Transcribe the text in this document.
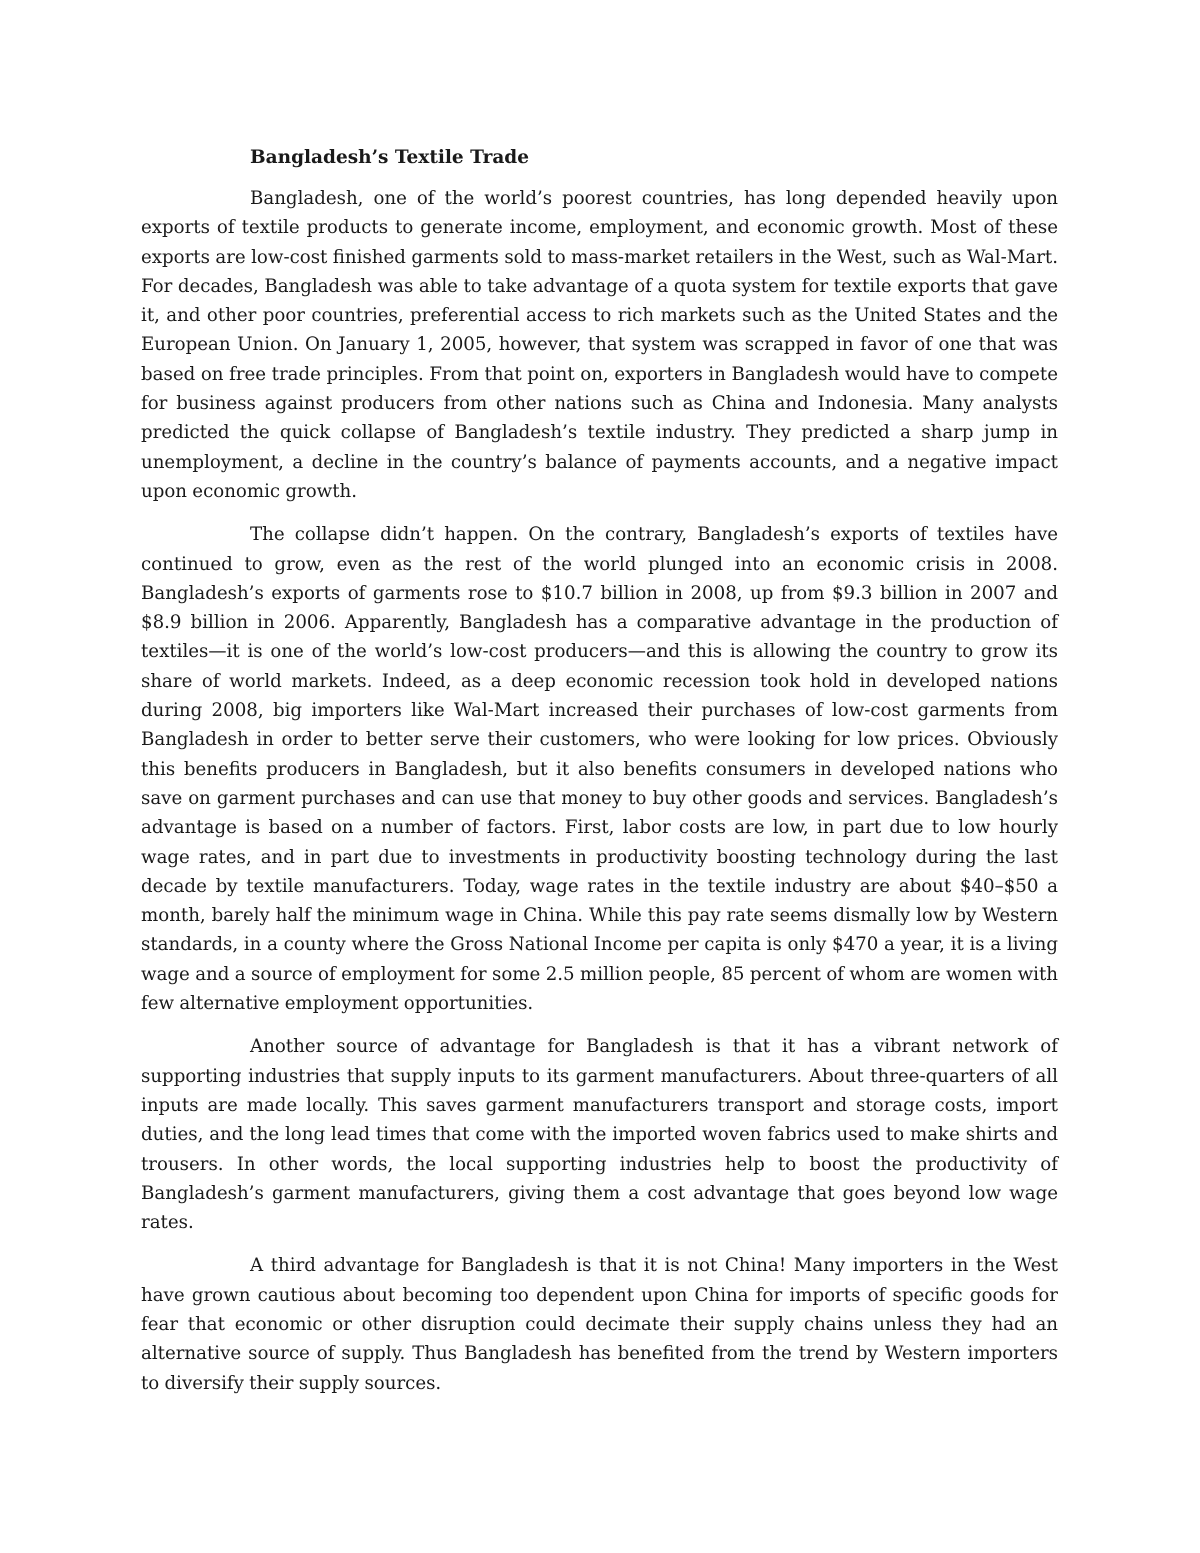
Bangladesh’s Textile Trade

Bangladesh, one of the world’s poorest countries, has long depended heavily upon exports of textile products to generate income, employment, and economic growth. Most of these exports are low-cost finished garments sold to mass-market retailers in the West, such as Wal-Mart. For decades, Bangladesh was able to take advantage of a quota system for textile exports that gave it, and other poor countries, preferential access to rich markets such as the United States and the European Union. On January 1, 2005, however, that system was scrapped in favor of one that was based on free trade principles. From that point on, exporters in Bangladesh would have to compete for business against producers from other nations such as China and Indonesia. Many analysts predicted the quick collapse of Bangladesh’s textile industry. They predicted a sharp jump in unemployment, a decline in the country’s balance of payments accounts, and a negative impact upon economic growth.

The collapse didn’t happen. On the contrary, Bangladesh’s exports of textiles have continued to grow, even as the rest of the world plunged into an economic crisis in 2008. Bangladesh’s exports of garments rose to $10.7 billion in 2008, up from $9.3 billion in 2007 and $8.9 billion in 2006. Apparently, Bangladesh has a comparative advantage in the production of textiles—it is one of the world’s low-cost producers—and this is allowing the country to grow its share of world markets. Indeed, as a deep economic recession took hold in developed nations during 2008, big importers like Wal-Mart increased their purchases of low-cost garments from Bangladesh in order to better serve their customers, who were looking for low prices. Obviously this benefits producers in Bangladesh, but it also benefits consumers in developed nations who save on garment purchases and can use that money to buy other goods and services. Bangladesh’s advantage is based on a number of factors. First, labor costs are low, in part due to low hourly wage rates, and in part due to investments in productivity boosting technology during the last decade by textile manufacturers. Today, wage rates in the textile industry are about $40–$50 a month, barely half the minimum wage in China. While this pay rate seems dismally low by Western standards, in a county where the Gross National Income per capita is only $470 a year, it is a living wage and a source of employment for some 2.5 million people, 85 percent of whom are women with few alternative employment opportunities.

Another source of advantage for Bangladesh is that it has a vibrant network of supporting industries that supply inputs to its garment manufacturers. About three-quarters of all inputs are made locally. This saves garment manufacturers transport and storage costs, import duties, and the long lead times that come with the imported woven fabrics used to make shirts and trousers. In other words, the local supporting industries help to boost the productivity of Bangladesh’s garment manufacturers, giving them a cost advantage that goes beyond low wage rates.

A third advantage for Bangladesh is that it is not China! Many importers in the West have grown cautious about becoming too dependent upon China for imports of specific goods for fear that economic or other disruption could decimate their supply chains unless they had an alternative source of supply. Thus Bangladesh has benefited from the trend by Western importers to diversify their supply sources.
